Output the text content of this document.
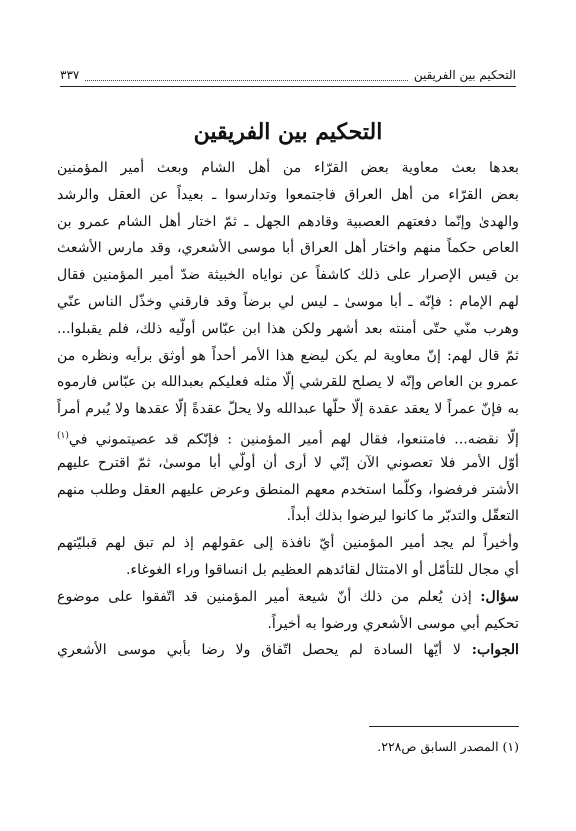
التحكيم بين الفريقين
٣٣٧
التحكيم بين الفريقين
بعدها بعث معاوية بعض القرّاء من أهل الشام وبعث أمير المؤمنين
بعض القرّاء من أهل العراق فاجتمعوا وتدارسوا ـ بعيداً عن العقل والرشد
والهدىٰ وإنّما دفعتهم العصبية وقادهم الجهل ـ ثمّ اختار أهل الشام عمرو بن
العاص حكماً منهم واختار أهل العراق أبا موسى الأشعري، وقد مارس الأشعث
بن قيس الإصرار على ذلك كاشفاً عن نواياه الخبيثة ضدّ أمير المؤمنين فقال
لهم الإمام : فإنّه ـ أبا موسىٰ ـ ليس لي برضاً وقد فارقني وخذّل الناس عنّي
وهرب منّي حتّى أمنته بعد أشهر ولكن هذا ابن عبّاس أولّيه ذلك، فلم يقبلوا...
ثمّ قال لهم: إنّ معاوية لم يكن ليضع هذا الأمر أحداً هو أوثق برأيه ونظره من
عمرو بن العاص وإنّه لا يصلح للقرشي إلّا مثله فعليكم بعبدالله بن عبّاس فارموه
به فإنّ عمراً لا يعقد عقدة إلّا حلّها عبدالله ولا يحلّ عقدةً إلّا عقدها ولا يُبرم أمراً
إلّا نقضه... فامتنعوا، فقال لهم أمير المؤمنين : فإنّكم قد عصيتموني في$^{(١)}$
أوّل الأمر فلا تعصوني الآن إنّي لا أرى أن أولّي أبا موسىٰ، ثمّ اقترح عليهم
الأشتر فرفضوا، وكلّما استخدم معهم المنطق وعرض عليهم العقل وطلب منهم
التعقّل والتدبّر ما كانوا ليرضوا بذلك أبداً.
وأخيراً لم يجد أمير المؤمنين أيّ نافذة إلى عقولهم إذ لم تبق لهم قبليّتهم
أي مجال للتأمّل أو الامتثال لقائدهم العظيم بل انساقوا وراء الغوغاء.
سؤال: إذن يُعلم من ذلك أنّ شيعة أمير المؤمنين قد اتّفقوا على موضوع
تحكيم أبي موسى الأشعري ورضوا به أخيراً.
الجواب: لا أيّها السادة لم يحصل اتّفاق ولا رضا بأبي موسى الأشعري
(١) المصدر السابق ص٢٢٨.
